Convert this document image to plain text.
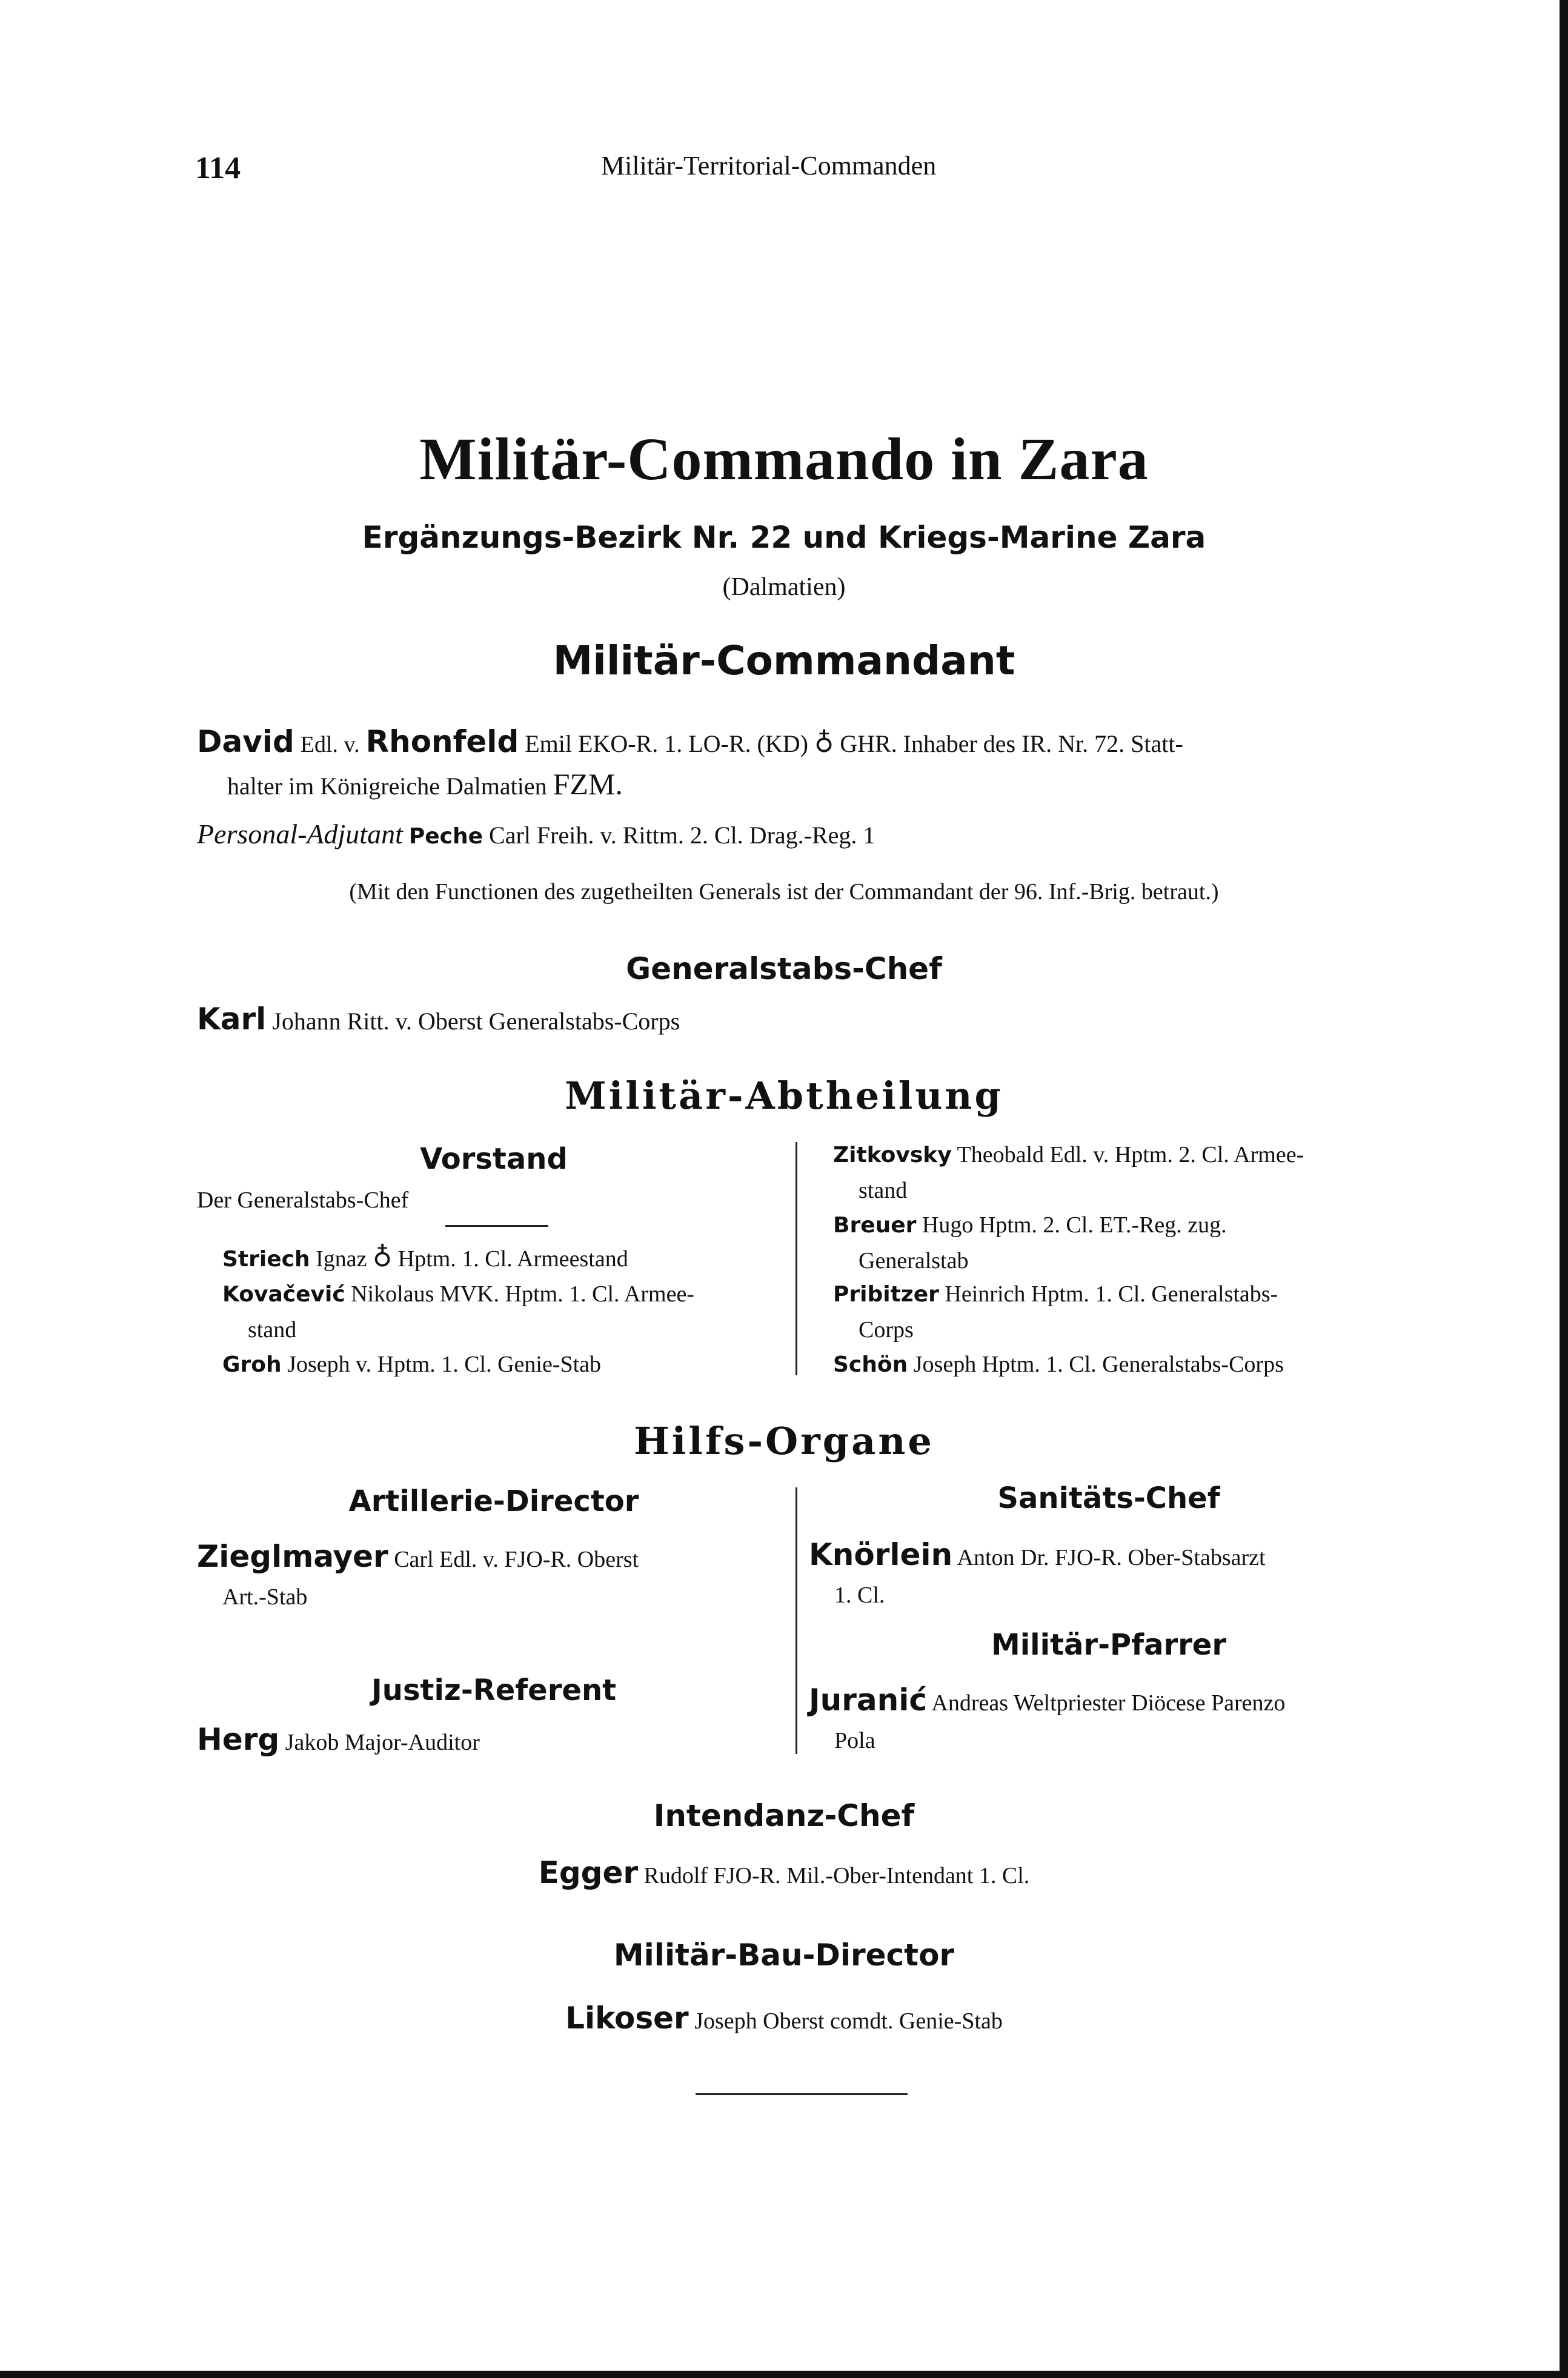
114	Militär-Territorial-Commanden
Militär-Commando in Zara
Ergänzungs-Bezirk Nr. 22 und Kriegs-Marine Zara
(Dalmatien)
Militär-Commandant
David Edl. v. Rhonfeld Emil EKO-R. 1. LO-R. (KD) ♁ GHR. Inhaber des IR. Nr. 72. Statt-
halter im Königreiche Dalmatien FZM.
Personal-Adjutant Peche Carl Freih. v. Rittm. 2. Cl. Drag.-Reg. 1
(Mit den Functionen des zugetheilten Generals ist der Commandant der 96. Inf.-Brig. betraut.)
Generalstabs-Chef
Karl Johann Ritt. v. Oberst Generalstabs-Corps
Militär-Abtheilung
Vorstand
Der Generalstabs-Chef
Striech Ignaz ♁ Hptm. 1. Cl. Armeestand
Kovačević Nikolaus MVK. Hptm. 1. Cl. Armee-
stand
Groh Joseph v. Hptm. 1. Cl. Genie-Stab
Zitkovsky Theobald Edl. v. Hptm. 2. Cl. Armee-
stand
Breuer Hugo Hptm. 2. Cl. ET.-Reg. zug.
Generalstab
Pribitzer Heinrich Hptm. 1. Cl. Generalstabs-
Corps
Schön Joseph Hptm. 1. Cl. Generalstabs-Corps
Hilfs-Organe
Artillerie-Director
Zieglmayer Carl Edl. v. FJO-R. Oberst
Art.-Stab
Justiz-Referent
Herg Jakob Major-Auditor
Sanitäts-Chef
Knörlein Anton Dr. FJO-R. Ober-Stabsarzt
1. Cl.
Militär-Pfarrer
Juranić Andreas Weltpriester Diöcese Parenzo
Pola
Intendanz-Chef
Egger Rudolf FJO-R. Mil.-Ober-Intendant 1. Cl.
Militär-Bau-Director
Likoser Joseph Oberst comdt. Genie-Stab
